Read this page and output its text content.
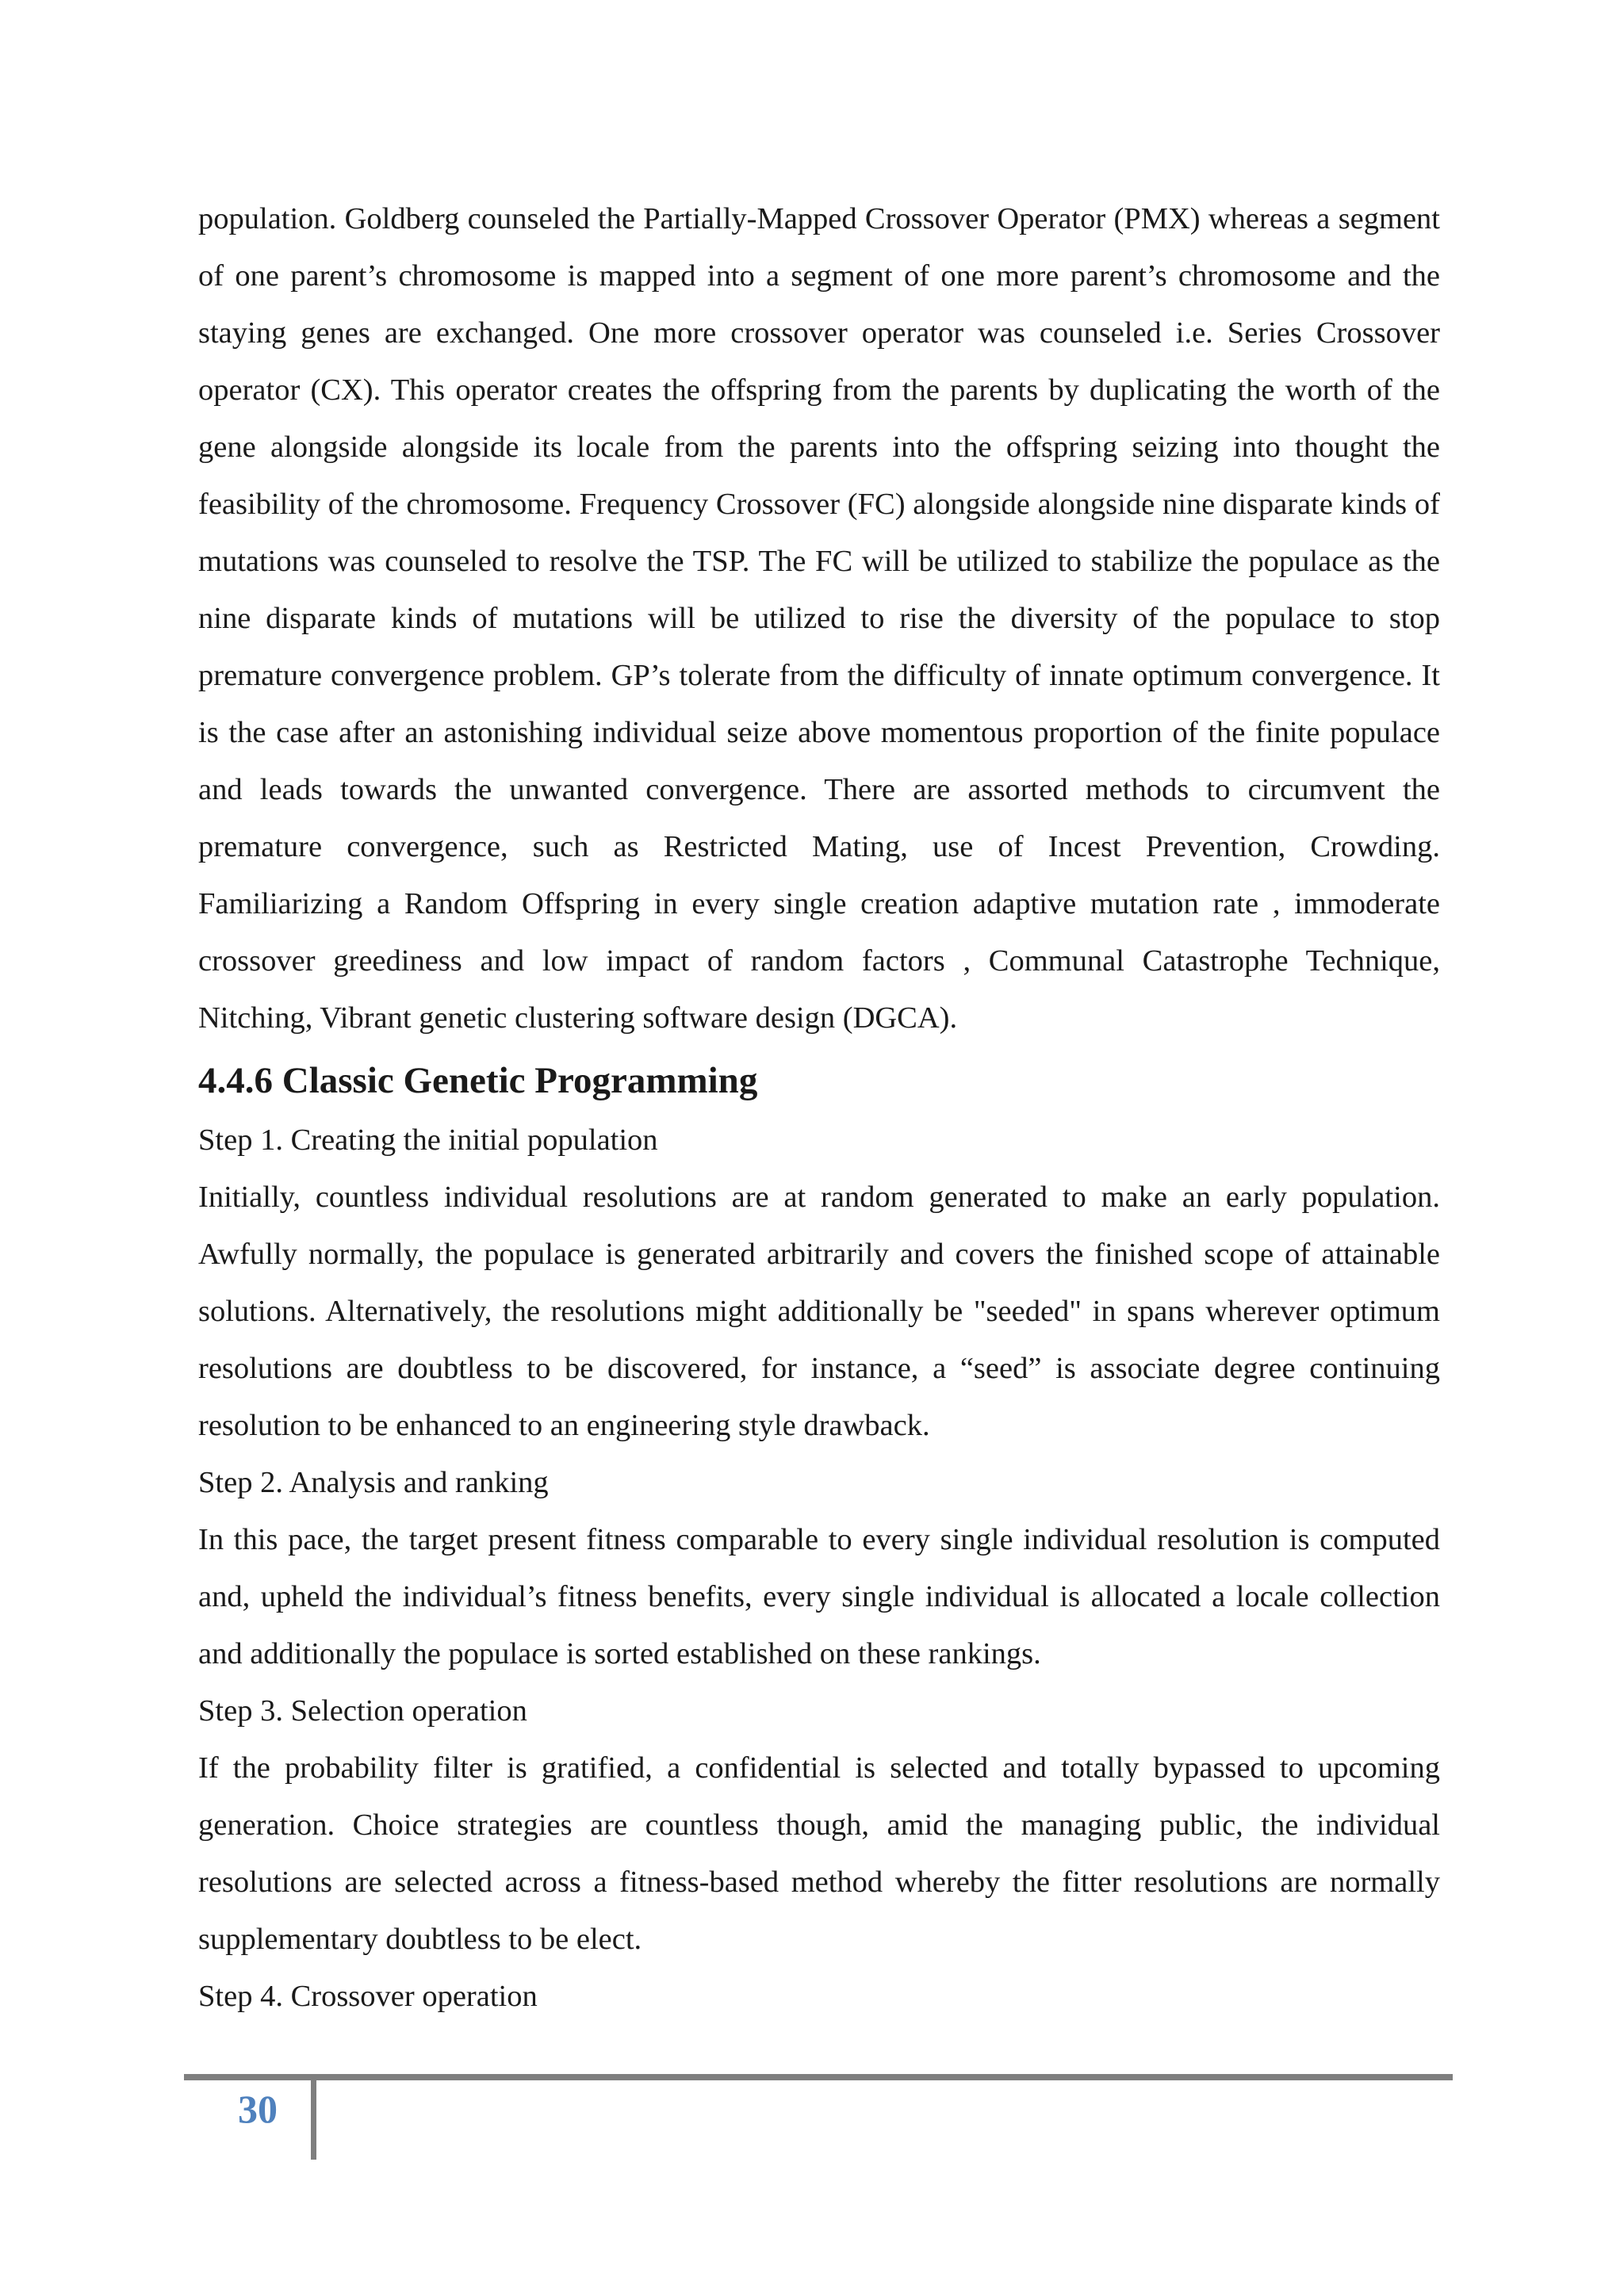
population. Goldberg counseled the Partially-Mapped Crossover Operator (PMX) whereas a segment of one parent’s chromosome is mapped into a segment of one more parent’s chromosome and the staying genes are exchanged. One more crossover operator was counseled i.e. Series Crossover operator (CX). This operator creates the offspring from the parents by duplicating the worth of the gene alongside alongside its locale from the parents into the offspring seizing into thought the feasibility of the chromosome. Frequency Crossover (FC) alongside alongside nine disparate kinds of mutations was counseled to resolve the TSP. The FC will be utilized to stabilize the populace as the nine disparate kinds of mutations will be utilized to rise the diversity of the populace to stop premature convergence problem. GP’s tolerate from the difficulty of innate optimum convergence. It is the case after an astonishing individual seize above momentous proportion of the finite populace and leads towards the unwanted convergence. There are assorted methods to circumvent the premature convergence, such as Restricted Mating, use of Incest Prevention, Crowding. Familiarizing a Random Offspring in every single creation adaptive mutation rate , immoderate crossover greediness and low impact of random factors , Communal Catastrophe Technique, Nitching, Vibrant genetic clustering software design (DGCA).

4.4.6 Classic Genetic Programming

Step 1. Creating the initial population

Initially, countless individual resolutions are at random generated to make an early population. Awfully normally, the populace is generated arbitrarily and covers the finished scope of attainable solutions. Alternatively, the resolutions might additionally be "seeded" in spans wherever optimum resolutions are doubtless to be discovered, for instance, a “seed” is associate degree continuing resolution to be enhanced to an engineering style drawback.

Step 2. Analysis and ranking

In this pace, the target present fitness comparable to every single individual resolution is computed and, upheld the individual’s fitness benefits, every single individual is allocated a locale collection and additionally the populace is sorted established on these rankings.

Step 3. Selection operation

If the probability filter is gratified, a confidential is selected and totally bypassed to upcoming generation. Choice strategies are countless though, amid the managing public, the individual resolutions are selected across a fitness-based method whereby the fitter resolutions are normally supplementary doubtless to be elect.

Step 4. Crossover operation

30
